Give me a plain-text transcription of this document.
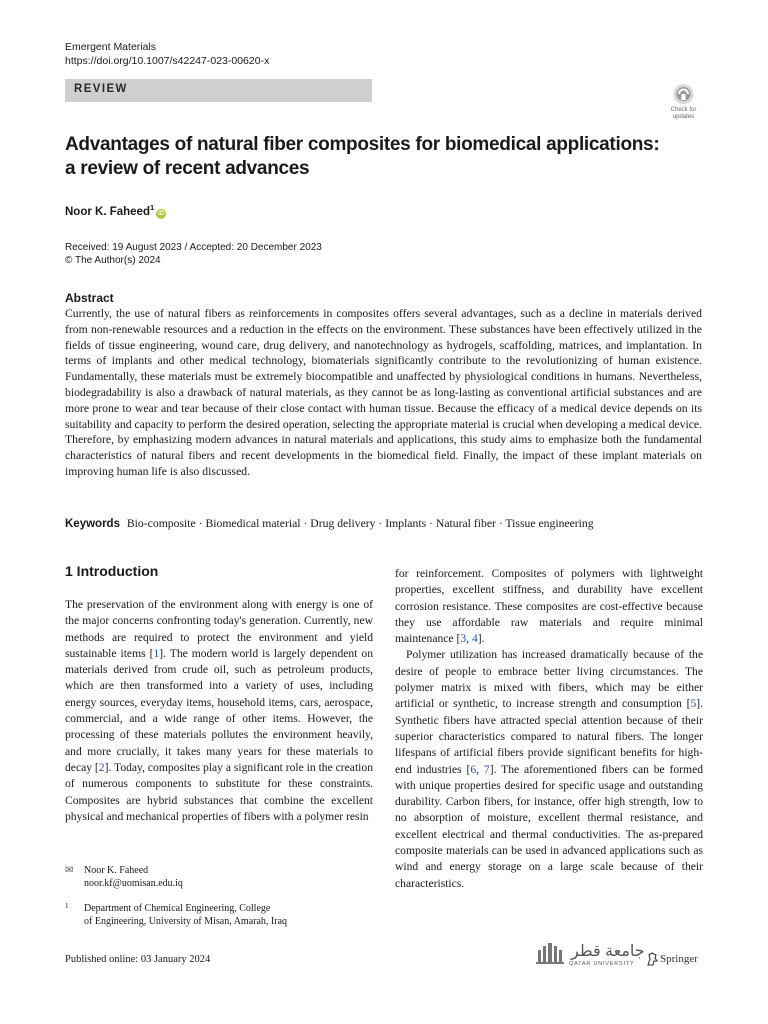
Emergent Materials
https://doi.org/10.1007/s42247-023-00620-x
REVIEW
Check for updates
Advantages of natural fiber composites for biomedical applications:
a review of recent advances
Noor K. Faheed$^1$iD
Received: 19 August 2023 / Accepted: 20 December 2023
© The Author(s) 2024
Abstract
Currently, the use of natural fibers as reinforcements in composites offers several advantages, such as a decline in materials derived from non-renewable resources and a reduction in the effects on the environment. These substances have been effectively utilized in the fields of tissue engineering, wound care, drug delivery, and nanotechnology as hydrogels, scaffolding, matrices, and implantation. In terms of implants and other medical technology, biomaterials significantly contribute to the revolutionizing of human existence. Fundamentally, these materials must be extremely biocompatible and unaffected by physiological conditions in humans. Nevertheless, biodegradability is also a drawback of natural materials, as they cannot be as long-lasting as conventional artificial substances and are more prone to wear and tear because of their close contact with human tissue. Because the efficacy of a medical device depends on its suitability and capacity to perform the desired operation, selecting the appropriate material is crucial when developing a medical device. Therefore, by emphasizing modern advances in natural materials and applications, this study aims to emphasize both the fundamental characteristics of natural fibers and recent developments in the biomedical field. Finally, the impact of these implant materials on improving human life is also discussed.
Keywords Bio-composite · Biomedical material · Drug delivery · Implants · Natural fiber · Tissue engineering
1 Introduction

The preservation of the environment along with energy is one of the major concerns confronting today's generation. Currently, new methods are required to protect the environment and yield sustainable items [1]. The modern world is largely dependent on materials derived from crude oil, such as petroleum products, which are then transformed into a variety of uses, including energy sources, everyday items, household items, cars, aerospace, commercial, and a wide range of other items. However, the processing of these materials pollutes the environment heavily, and more crucially, it takes many years for these materials to decay [2]. Today, composites play a significant role in the creation of numerous components to substitute for these constraints. Composites are hybrid substances that combine the excellent physical and mechanical properties of fibers with a polymer resin

for reinforcement. Composites of polymers with lightweight properties, excellent stiffness, and durability have excellent corrosion resistance. These composites are cost-effective because they use affordable raw materials and require minimal maintenance [3, 4].

Polymer utilization has increased dramatically because of the desire of people to embrace better living circumstances. The polymer matrix is mixed with fibers, which may be either artificial or synthetic, to increase strength and consumption [5]. Synthetic fibers have attracted special attention because of their superior characteristics compared to natural fibers. The longer lifespans of artificial fibers provide significant benefits for high-end industries [6, 7]. The aforementioned fibers can be formed with unique properties desired for specific usage and outstanding durability. Carbon fibers, for instance, offer high strength, low to no absorption of moisture, excellent thermal resistance, and excellent electrical and thermal conductivities. The as-prepared composite materials can be used in advanced applications such as wind and energy storage on a large scale because of their characteristics.

✉ Noor K. Faheed
noor.kf@uomisan.edu.iq
1 Department of Chemical Engineering, College
of Engineering, University of Misan, Amarah, Iraq
Published online: 03 January 2024	جامعة قطر
QATAR UNIVERSITY Springer
